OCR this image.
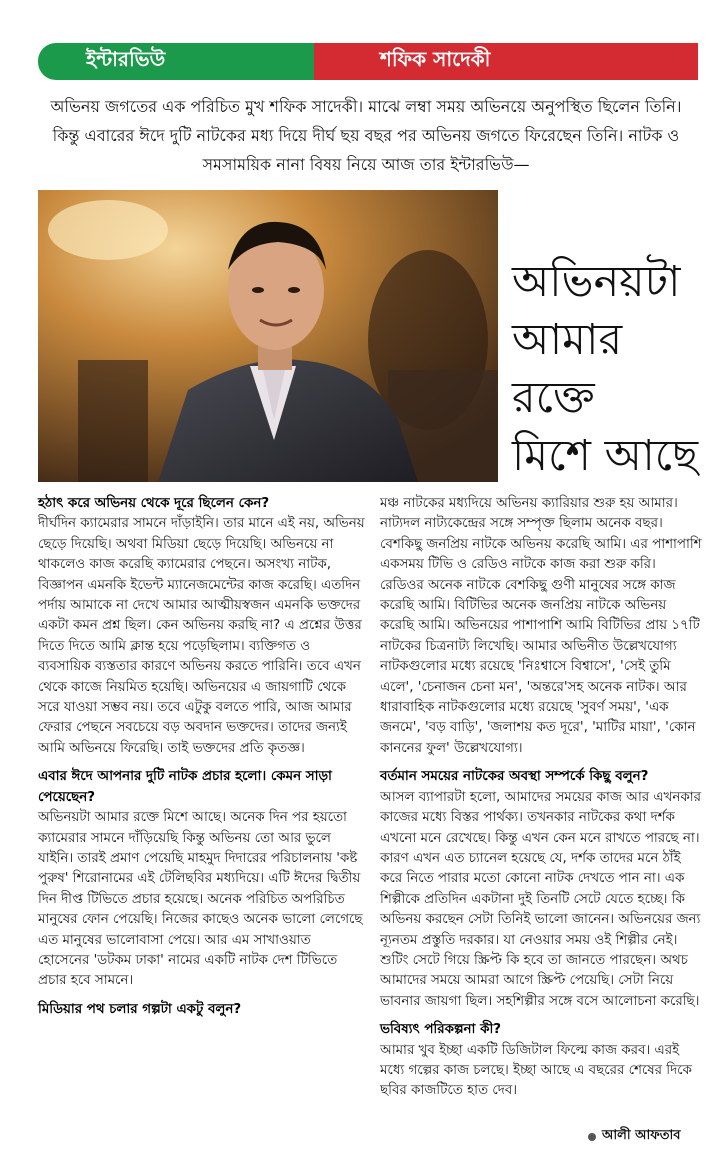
ইন্টারভিউ	শফিক সাদেকী

অভিনয় জগতের এক পরিচিত মুখ শফিক সাদেকী। মাঝে লম্বা সময় অভিনয়ে অনুপস্থিত ছিলেন তিনি। কিন্তু এবারের ঈদে দুটি নাটকের মধ্য দিয়ে দীর্ঘ ছয় বছর পর অভিনয় জগতে ফিরেছেন তিনি। নাটক ও সমসাময়িক নানা বিষয় নিয়ে আজ তার ইন্টারভিউ—

অভিনয়টা
আমার রক্তে
মিশে আছে
হঠাৎ করে অভিনয় থেকে দূরে ছিলেন কেন?
দীর্ঘদিন ক্যামেরার সামনে দাঁড়াইনি। তার মানে এই নয়, অভিনয় ছেড়ে দিয়েছি। অথবা মিডিয়া ছেড়ে দিয়েছি। অভিনয়ে না থাকলেও কাজ করেছি ক্যামেরার পেছনে। অসংখ্য নাটক, বিজ্ঞাপন এমনকি ইভেন্ট ম্যানেজমেন্টের কাজ করেছি। এতদিন পর্দায় আমাকে না দেখে আমার আত্মীয়স্বজন এমনকি ভক্তদের একটা কমন প্রশ্ন ছিল। কেন অভিনয় করছি না? এ প্রশ্নের উত্তর দিতে দিতে আমি ক্লান্ত হয়ে পড়েছিলাম। ব্যক্তিগত ও ব্যবসায়িক ব্যস্ততার কারণে অভিনয় করতে পারিনি। তবে এখন থেকে কাজে নিয়মিত হয়েছি। অভিনয়ের এ জায়গাটি থেকে সরে যাওয়া সম্ভব নয়। তবে এটুকু বলতে পারি, আজ আমার ফেরার পেছনে সবচেয়ে বড় অবদান ভক্তদের। তাদের জন্যই আমি অভিনয়ে ফিরেছি। তাই ভক্তদের প্রতি কৃতজ্ঞ।
এবার ঈদে আপনার দুটি নাটক প্রচার হলো। কেমন সাড়া পেয়েছেন?
অভিনয়টা আমার রক্তে মিশে আছে। অনেক দিন পর হয়তো ক্যামেরার সামনে দাঁড়িয়েছি কিন্তু অভিনয় তো আর ভুলে যাইনি। তারই প্রমাণ পেয়েছি মাহমুদ দিদারের পরিচালনায় 'কষ্ট পুরুষ' শিরোনামের এই টেলিছবির মধ্যদিয়ে। এটি ঈদের দ্বিতীয় দিন দীপ্ত টিভিতে প্রচার হয়েছে। অনেক পরিচিত অপরিচিত মানুষের ফোন পেয়েছি। নিজের কাছেও অনেক ভালো লেগেছে এত মানুষের ভালোবাসা পেয়ে। আর এম সাখাওয়াত হোসেনের 'ডটকম ঢাকা' নামের একটি নাটক দেশ টিভিতে প্রচার হবে সামনে।
মিডিয়ার পথ চলার গল্পটা একটু বলুন?
মঞ্চ নাটকের মধ্যদিয়ে অভিনয় ক্যারিয়ার শুরু হয় আমার। নাট্যদল নাট্যকেন্দ্রের সঙ্গে সম্পৃক্ত ছিলাম অনেক বছর। বেশকিছু জনপ্রিয় নাটকে অভিনয় করেছি আমি। এর পাশাপাশি একসময় টিভি ও রেডিও নাটকে কাজ করা শুরু করি। রেডিওর অনেক নাটকে বেশকিছু গুণী মানুষের সঙ্গে কাজ করেছি আমি। বিটিভির অনেক জনপ্রিয় নাটকে অভিনয় করেছি আমি। অভিনয়ের পাশাপাশি আমি বিটিভির প্রায় ১৭টি নাটকের চিত্রনাট্য লিখেছি। আমার অভিনীত উল্লেখযোগ্য নাটকগুলোর মধ্যে রয়েছে 'নিঃশ্বাসে বিশ্বাসে', 'সেই তুমি এলে', 'চেনাজন চেনা মন', 'অন্তরে'সহ অনেক নাটক। আর ধারাবাহিক নাটকগুলোর মধ্যে রয়েছে 'সুবর্ণ সময়', 'এক জনমে', 'বড় বাড়ি', 'জলাশয় কত দূরে', 'মাটির মায়া', 'কোন কাননের ফুল' উল্লেখযোগ্য।
বর্তমান সময়ের নাটকের অবস্থা সম্পর্কে কিছু বলুন?
আসল ব্যাপারটা হলো, আমাদের সময়ের কাজ আর এখনকার কাজের মধ্যে বিস্তর পার্থক্য। তখনকার নাটকের কথা দর্শক এখনো মনে রেখেছে। কিন্তু এখন কেন মনে রাখতে পারছে না। কারণ এখন এত চ্যানেল হয়েছে যে, দর্শক তাদের মনে ঠাঁই করে নিতে পারার মতো কোনো নাটক দেখতে পান না। এক শিল্পীকে প্রতিদিন একটানা দুই তিনটি সেটে যেতে হচ্ছে। কি অভিনয় করছেন সেটা তিনিই ভালো জানেন। অভিনয়ের জন্য ন্যূনতম প্রস্তুতি দরকার। যা নেওয়ার সময় ওই শিল্পীর নেই। শুটিং সেটে গিয়ে স্ক্রিপ্ট কি হবে তা জানতে পারছেন। অথচ আমাদের সময়ে আমরা আগে স্ক্রিপ্ট পেয়েছি। সেটা নিয়ে ভাবনার জায়গা ছিল। সহশিল্পীর সঙ্গে বসে আলোচনা করেছি।
ভবিষ্যৎ পরিকল্পনা কী?
আমার খুব ইচ্ছা একটি ডিজিটাল ফিল্মে কাজ করব। এরই মধ্যে গল্পের কাজ চলছে। ইচ্ছা আছে এ বছরের শেষের দিকে ছবির কাজটিতে হাত দেব।
আলী আফতাব
